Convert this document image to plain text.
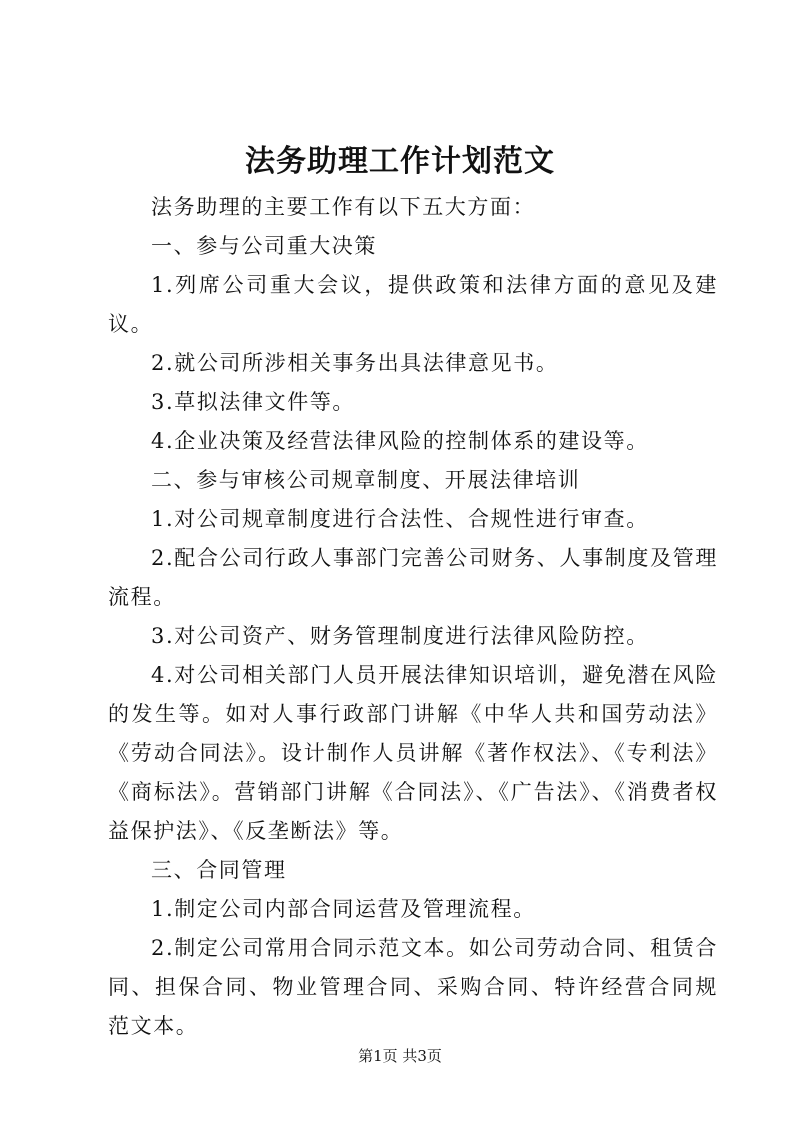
法务助理工作计划范文

法务助理的主要工作有以下五大方面：

一、参与公司重大决策

1.列席公司重大会议，提供政策和法律方面的意见及建议。

2.就公司所涉相关事务出具法律意见书。

3.草拟法律文件等。

4.企业决策及经营法律风险的控制体系的建设等。

二、参与审核公司规章制度、开展法律培训

1.对公司规章制度进行合法性、合规性进行审查。

2.配合公司行政人事部门完善公司财务、人事制度及管理流程。

3.对公司资产、财务管理制度进行法律风险防控。

4.对公司相关部门人员开展法律知识培训，避免潜在风险的发生等。如对人事行政部门讲解《中华人共和国劳动法》《劳动合同法》。设计制作人员讲解《著作权法》、《专利法》《商标法》。营销部门讲解《合同法》、《广告法》、《消费者权益保护法》、《反垄断法》等。

三、合同管理

1.制定公司内部合同运营及管理流程。

2.制定公司常用合同示范文本。如公司劳动合同、租赁合同、担保合同、物业管理合同、采购合同、特许经营合同规范文本。

第1页 共3页
